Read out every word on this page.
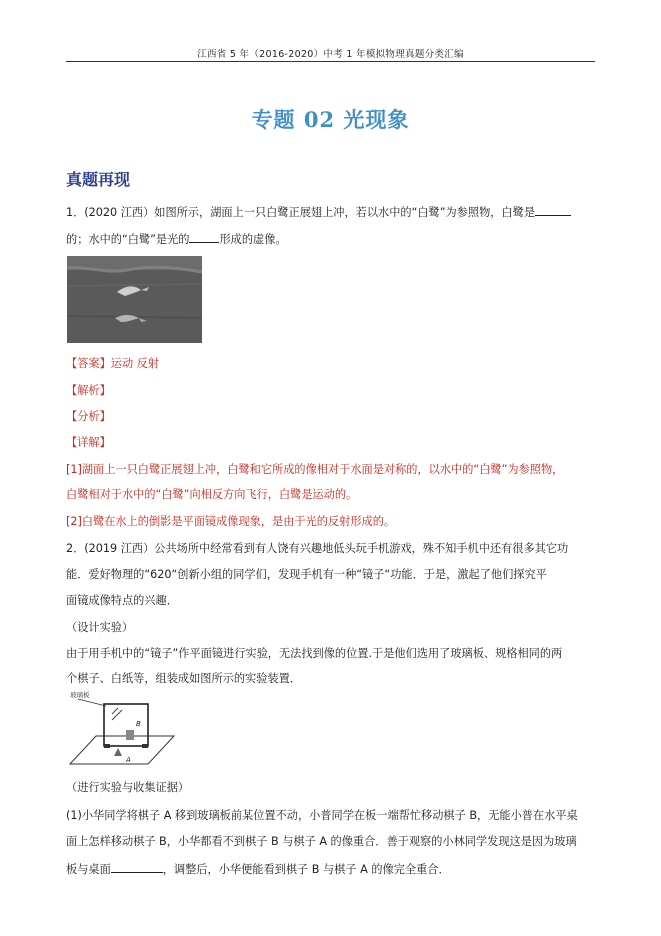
江西省 5 年（2016-2020）中考 1 年模拟物理真题分类汇编
专题 02 光现象
真题再现
1．(2020 江西）如图所示，湖面上一只白鹭正展翅上冲，若以水中的“白鹭”为参照物，白鹭是
的；水中的“白鹭”是光的	形成的虚像。
【答案】运动 反射
【解析】
【分析】
【详解】
[1]湖面上一只白鹭正展翅上冲，白鹭和它所成的像相对于水面是对称的，以水中的“白鹭”为参照物，
白鹭相对于水中的“白鹭”向相反方向飞行，白鹭是运动的。
[2]白鹭在水上的倒影是平面镜成像现象，是由于光的反射形成的。
2．(2019 江西）公共场所中经常看到有人饶有兴趣地低头玩手机游戏，殊不知手机中还有很多其它功
能．爱好物理的“620“创新小组的同学们，发现手机有一种“镜子“功能．于是，激起了他们探究平
面镜成像特点的兴趣．
（设计实验）
由于用手机中的“镜子”作平面镜进行实验，无法找到像的位置.于是他们选用了玻璃板、规格相同的两
个棋子、白纸等，组装成如图所示的实验装置．
玻璃板
B
A
（进行实验与收集证据）
(1)小华同学将棋子 A 移到玻璃板前某位置不动，小普同学在板一端帮忙移动棋子 B，无能小普在水平桌
面上怎样移动棋子 B，小华都看不到棋子 B 与棋子 A 的像重合．善于观察的小林同学发现这是因为玻璃
板与桌面	，调整后，小华便能看到棋子 B 与棋子 A 的像完全重合．
